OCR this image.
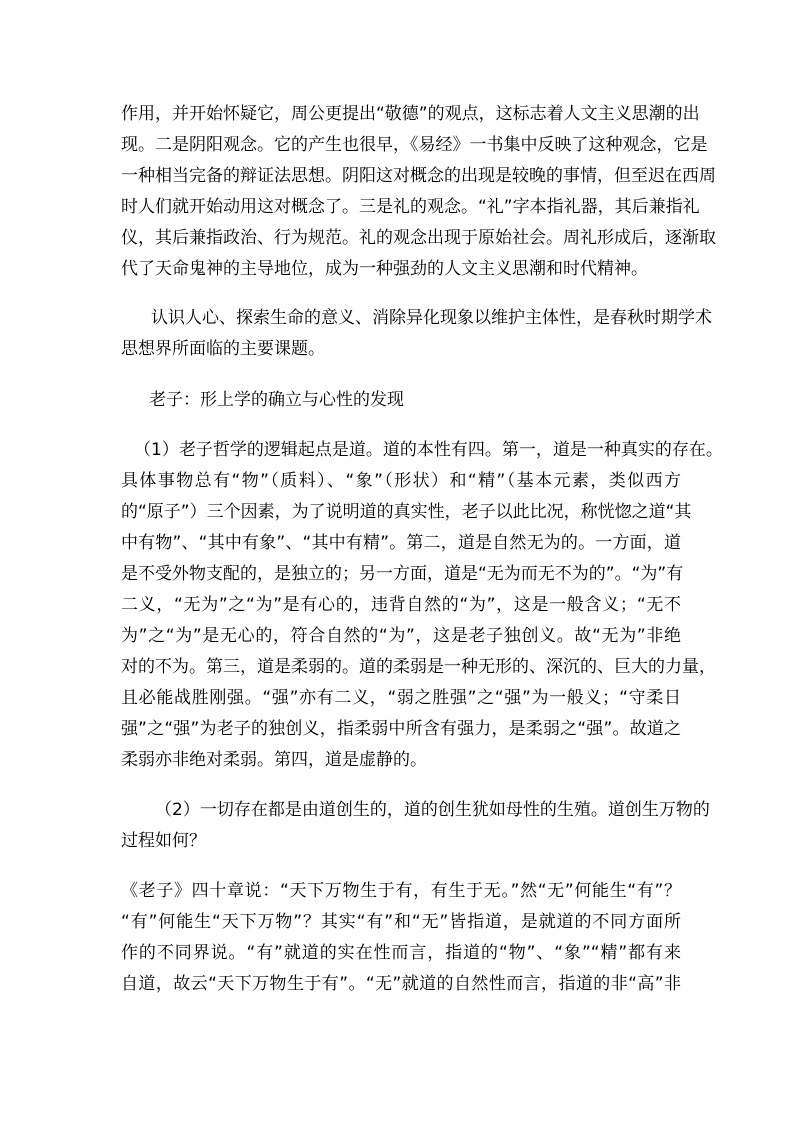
作用，并开始怀疑它，周公更提出“敬德”的观点，这标志着人文主义思潮的出
现。二是阴阳观念。它的产生也很早，《易经》一书集中反映了这种观念，它是
一种相当完备的辩证法思想。阴阳这对概念的出现是较晚的事情，但至迟在西周
时人们就开始动用这对概念了。三是礼的观念。“礼”字本指礼器，其后兼指礼
仪，其后兼指政治、行为规范。礼的观念出现于原始社会。周礼形成后，逐渐取
代了天命鬼神的主导地位，成为一种强劲的人文主义思潮和时代精神。
认识人心、探索生命的意义、消除异化现象以维护主体性，是春秋时期学术
思想界所面临的主要课题。
老子：形上学的确立与心性的发现
（1）老子哲学的逻辑起点是道。道的本性有四。第一，道是一种真实的存在。
具体事物总有“物”（质料）、“象”（形状）和“精”（基本元素，类似西方
的“原子”）三个因素，为了说明道的真实性，老子以此比况，称恍惚之道“其
中有物”、“其中有象”、“其中有精”。第二，道是自然无为的。一方面，道
是不受外物支配的，是独立的；另一方面，道是“无为而无不为的”。“为”有
二义，“无为”之“为”是有心的，违背自然的“为”，这是一般含义；“无不
为”之“为”是无心的，符合自然的“为”，这是老子独创义。故“无为”非绝
对的不为。第三，道是柔弱的。道的柔弱是一种无形的、深沉的、巨大的力量，
且必能战胜刚强。“强”亦有二义，“弱之胜强”之“强”为一般义；“守柔日
强”之“强”为老子的独创义，指柔弱中所含有强力，是柔弱之“强”。故道之
柔弱亦非绝对柔弱。第四，道是虚静的。
（2）一切存在都是由道创生的，道的创生犹如母性的生殖。道创生万物的
过程如何？
《老子》四十章说：“天下万物生于有，有生于无。”然“无”何能生“有”？
“有”何能生“天下万物”？其实“有”和“无”皆指道，是就道的不同方面所
作的不同界说。“有”就道的实在性而言，指道的“物”、“象”“精”都有来
自道，故云“天下万物生于有”。“无”就道的自然性而言，指道的非“高”非
